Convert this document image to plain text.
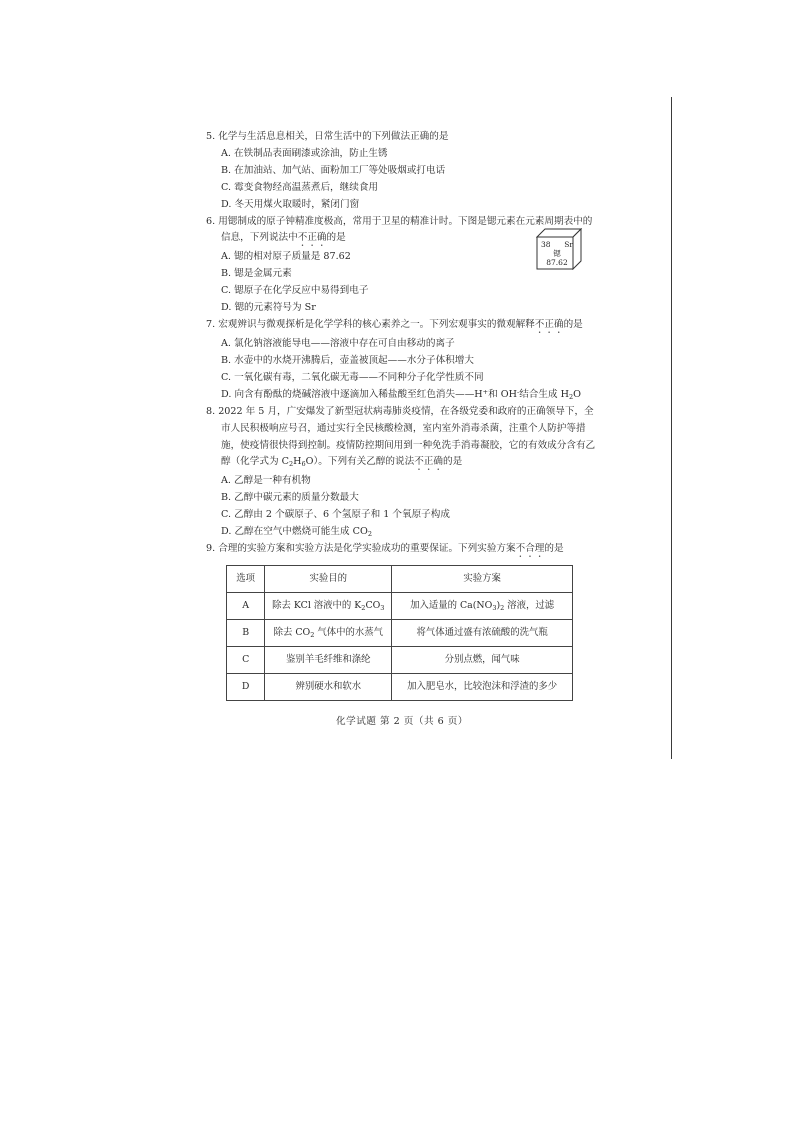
5. 化学与生活息息相关，日常生活中的下列做法正确的是
A. 在铁制品表面刷漆或涂油，防止生锈
B. 在加油站、加气站、面粉加工厂等处吸烟或打电话
C. 霉变食物经高温蒸煮后，继续食用
D. 冬天用煤火取暖时，紧闭门窗
6. 用锶制成的原子钟精准度极高，常用于卫星的精准计时。下图是锶元素在元素周期表中的信息，下列说法中不正确的是
A. 锶的相对原子质量是 87.62
B. 锶是金属元素
C. 锶原子在化学反应中易得到电子
D. 锶的元素符号为 Sr
38 Sr
锶
87.62
7. 宏观辨识与微观探析是化学学科的核心素养之一。下列宏观事实的微观解释不正确的是
A. 氯化钠溶液能导电——溶液中存在可自由移动的离子
B. 水壶中的水烧开沸腾后，壶盖被顶起——水分子体积增大
C. 一氧化碳有毒，二氧化碳无毒——不同种分子化学性质不同
D. 向含有酚酞的烧碱溶液中逐滴加入稀盐酸至红色消失——H+和 OH-结合生成 $H_2O$
8. 2022 年 5 月，广安爆发了新型冠状病毒肺炎疫情，在各级党委和政府的正确领导下，全市人民积极响应号召，通过实行全民核酸检测，室内室外消毒杀菌，注重个人防护等措施，使疫情很快得到控制。疫情防控期间用到一种免洗手消毒凝胶，它的有效成分含有乙醇（化学式为 $C_2H_6O$）。下列有关乙醇的说法不正确的是
A. 乙醇是一种有机物
B. 乙醇中碳元素的质量分数最大
C. 乙醇由 2 个碳原子、6 个氢原子和 1 个氧原子构成
D. 乙醇在空气中燃烧可能生成 $CO_2$
9. 合理的实验方案和实验方法是化学实验成功的重要保证。下列实验方案不合理的是
选项	实验目的	实验方案
A	除去 KCl 溶液中的 $K_2CO_3$	加入适量的 $Ca(NO_3)_2$ 溶液，过滤
B	除去 $CO_2$ 气体中的水蒸气	将气体通过盛有浓硫酸的洗气瓶
C	鉴别羊毛纤维和涤纶	分别点燃，闻气味
D	辨别硬水和软水	加入肥皂水，比较泡沫和浮渣的多少
化学试题 第 2 页（共 6 页）
